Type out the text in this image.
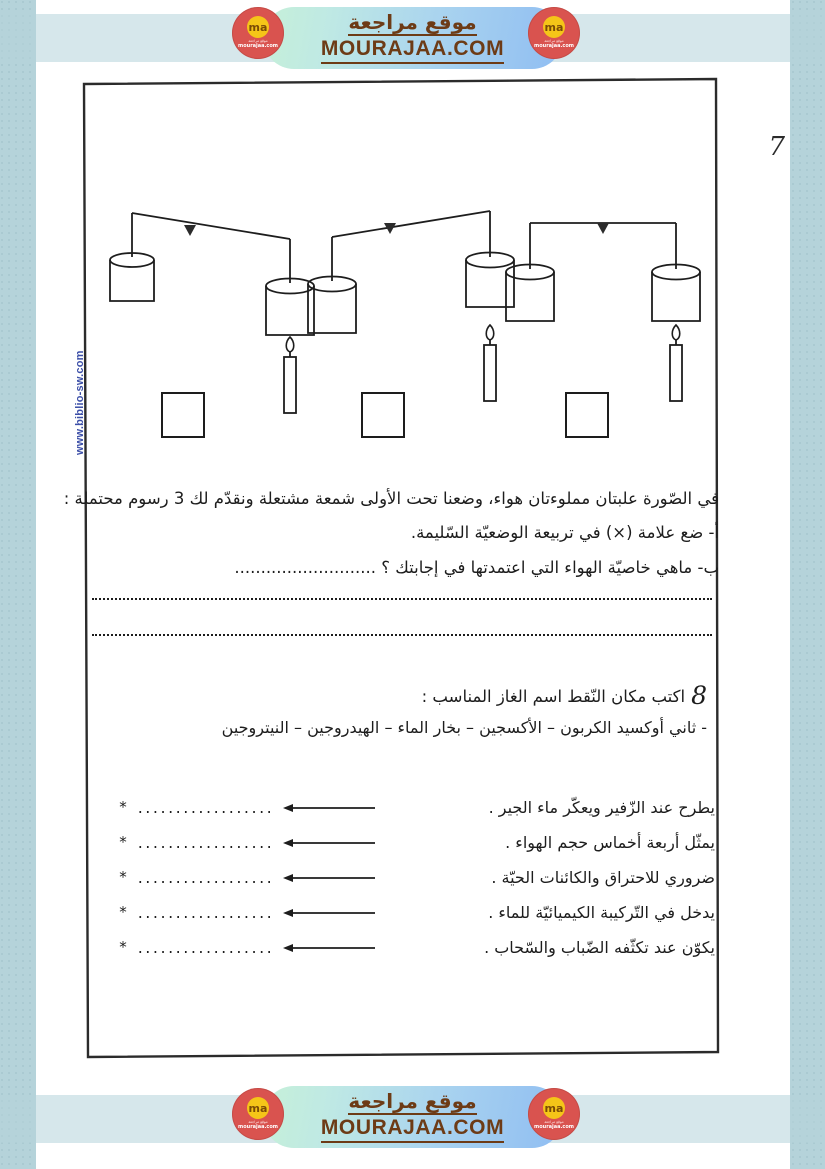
ma
موقع مراجعة
mourajaa.com
موقع مراجعة
MOURAJAA.COM
ma
موقع مراجعة
mourajaa.com
7
www.biblio-sw.com
في الصّورة علبتان مملوءتان هواء، وضعنا تحت الأولى شمعة مشتعلة ونقدّم لك 3 رسوم محتملة :
أ- ضع علامة (×) في تربيعة الوضعيّة السّليمة.
ب- ماهي خاصيّة الهواء التي اعتمدتها في إجابتك ؟ ...........................
8اكتب مكان النّقط اسم الغاز المناسب :
- ثاني أوكسيد الكربون – الأكسجين – بخار الماء – الهيدروجين – النيتروجين
* ..................	يطرح عند الزّفير ويعكّر ماء الجير .
* ..................	يمثّل أربعة أخماس حجم الهواء .
* ..................	ضروري للاحتراق والكائنات الحيّة .
* ..................	يدخل في التّركيبة الكيميائيّة للماء .
* ..................	يكوّن عند تكثّفه الضّباب والسّحاب .
ma
موقع مراجعة
mourajaa.com
موقع مراجعة
MOURAJAA.COM
ma
موقع مراجعة
mourajaa.com
